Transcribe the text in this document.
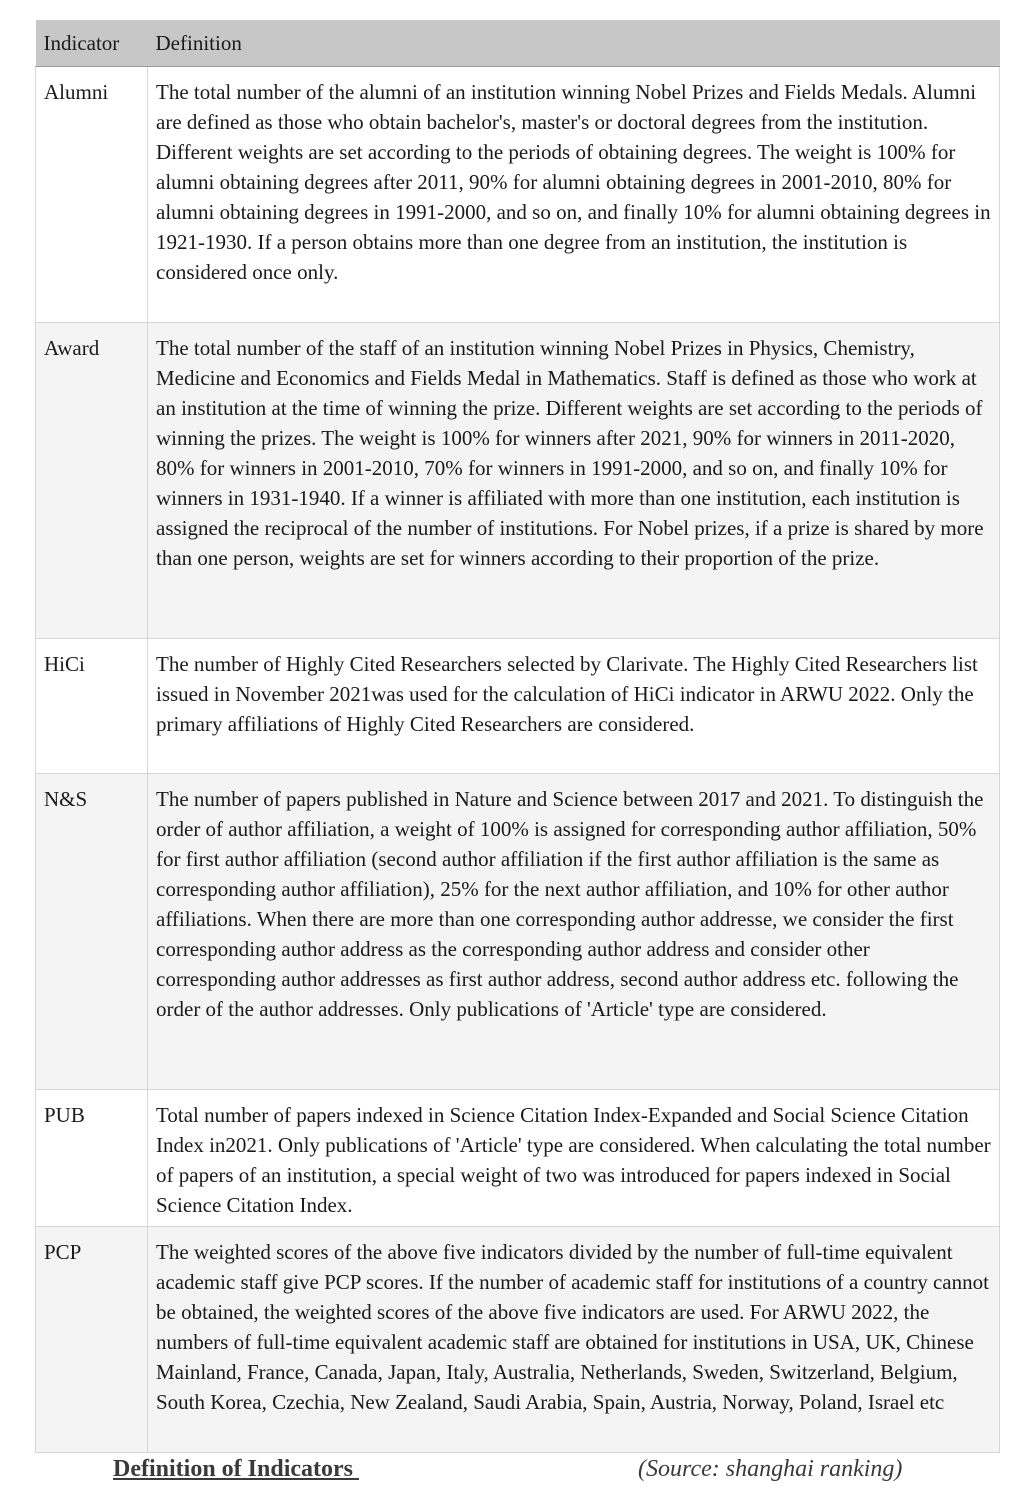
Indicator	Definition
Alumni	The total number of the alumni of an institution winning Nobel Prizes and Fields Medals. Alumni are defined as those who obtain bachelor's, master's or doctoral degrees from the institution. Different weights are set according to the periods of obtaining degrees. The weight is 100% for alumni obtaining degrees after 2011, 90% for alumni obtaining degrees in 2001-2010, 80% for alumni obtaining degrees in 1991-2000, and so on, and finally 10% for alumni obtaining degrees in 1921-1930. If a person obtains more than one degree from an institution, the institution is considered once only.
Award	The total number of the staff of an institution winning Nobel Prizes in Physics, Chemistry, Medicine and Economics and Fields Medal in Mathematics. Staff is defined as those who work at an institution at the time of winning the prize. Different weights are set according to the periods of winning the prizes. The weight is 100% for winners after 2021, 90% for winners in 2011-2020, 80% for winners in 2001-2010, 70% for winners in 1991-2000, and so on, and finally 10% for winners in 1931-1940. If a winner is affiliated with more than one institution, each institution is assigned the reciprocal of the number of institutions. For Nobel prizes, if a prize is shared by more than one person, weights are set for winners according to their proportion of the prize.
HiCi	The number of Highly Cited Researchers selected by Clarivate. The Highly Cited Researchers list issued in November 2021was used for the calculation of HiCi indicator in ARWU 2022. Only the primary affiliations of Highly Cited Researchers are considered.
N&S	The number of papers published in Nature and Science between 2017 and 2021. To distinguish the order of author affiliation, a weight of 100% is assigned for corresponding author affiliation, 50% for first author affiliation (second author affiliation if the first author affiliation is the same as corresponding author affiliation), 25% for the next author affiliation, and 10% for other author affiliations. When there are more than one corresponding author addresse, we consider the first corresponding author address as the corresponding author address and consider other corresponding author addresses as first author address, second author address etc. following the order of the author addresses. Only publications of 'Article' type are considered.
PUB	Total number of papers indexed in Science Citation Index-Expanded and Social Science Citation Index in2021. Only publications of 'Article' type are considered. When calculating the total number of papers of an institution, a special weight of two was introduced for papers indexed in Social Science Citation Index.
PCP	The weighted scores of the above five indicators divided by the number of full-time equivalent academic staff give PCP scores. If the number of academic staff for institutions of a country cannot be obtained, the weighted scores of the above five indicators are used. For ARWU 2022, the numbers of full-time equivalent academic staff are obtained for institutions in USA, UK, Chinese Mainland, France, Canada, Japan, Italy, Australia, Netherlands, Sweden, Switzerland, Belgium, South Korea, Czechia, New Zealand, Saudi Arabia, Spain, Austria, Norway, Poland, Israel etc
Definition of Indicators	(Source: shanghai ranking)
